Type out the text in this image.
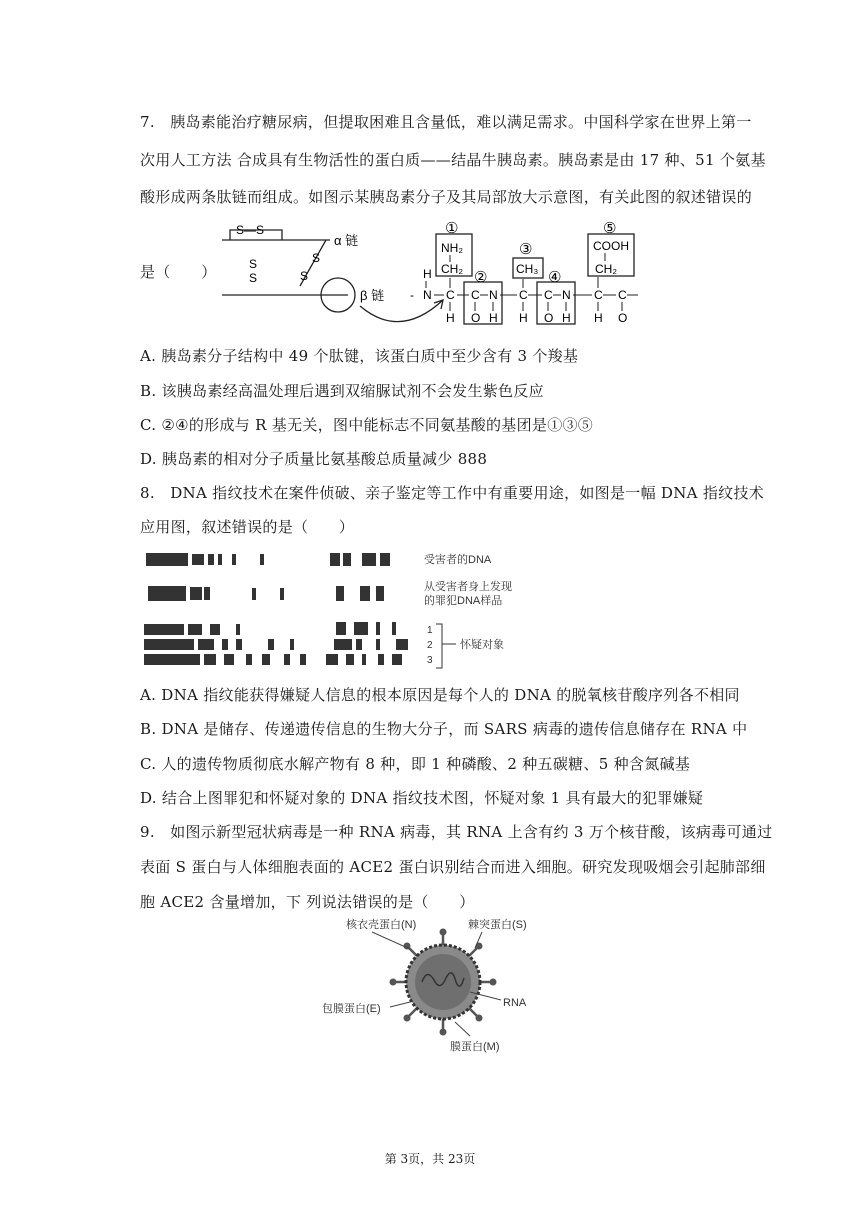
7.　胰岛素能治疗糖尿病，但提取困难且含量低，难以满足需求。中国科学家在世界上第一
次用人工方法 合成具有生物活性的蛋白质——结晶牛胰岛素。胰岛素是由 17 种、51 个氨基
酸形成两条肽链而组成。如图示某胰岛素分子及其局部放大示意图，有关此图的叙述错误的
是（　　）
S—S
S
S
S
S
α 链
β 链
①
②
③
④
⑤
NH₂
CH₂	CH₃
COOH
CH₂
H
- N C C N C C N C C
H O H H O H H O
A. 胰岛素分子结构中 49 个肽键，该蛋白质中至少含有 3 个羧基
B. 该胰岛素经高温处理后遇到双缩脲试剂不会发生紫色反应
C. ②④的形成与 R 基无关，图中能标志不同氨基酸的基团是①③⑤
D. 胰岛素的相对分子质量比氨基酸总质量减少 888
8.　DNA 指纹技术在案件侦破、亲子鉴定等工作中有重要用途，如图是一幅 DNA 指纹技术
应用图，叙述错误的是（　　）
受害者的DNA
从受害者身上发现
的罪犯DNA样品
1
2
3
怀疑对象
A. DNA 指纹能获得嫌疑人信息的根本原因是每个人的 DNA 的脱氧核苷酸序列各不相同
B. DNA 是储存、传递遗传信息的生物大分子，而 SARS 病毒的遗传信息储存在 RNA 中
C. 人的遗传物质彻底水解产物有 8 种，即 1 种磷酸、2 种五碳糖、5 种含氮碱基
D. 结合上图罪犯和怀疑对象的 DNA 指纹技术图，怀疑对象 1 具有最大的犯罪嫌疑
9.　如图示新型冠状病毒是一种 RNA 病毒，其 RNA 上含有约 3 万个核苷酸，该病毒可通过
表面 S 蛋白与人体细胞表面的 ACE2 蛋白识别结合而进入细胞。研究发现吸烟会引起肺部细
胞 ACE2 含量增加，下 列说法错误的是（　　）
核衣壳蛋白(N)	棘突蛋白(S)
RNA
包膜蛋白(E)
膜蛋白(M)
第 3页，共 23页
